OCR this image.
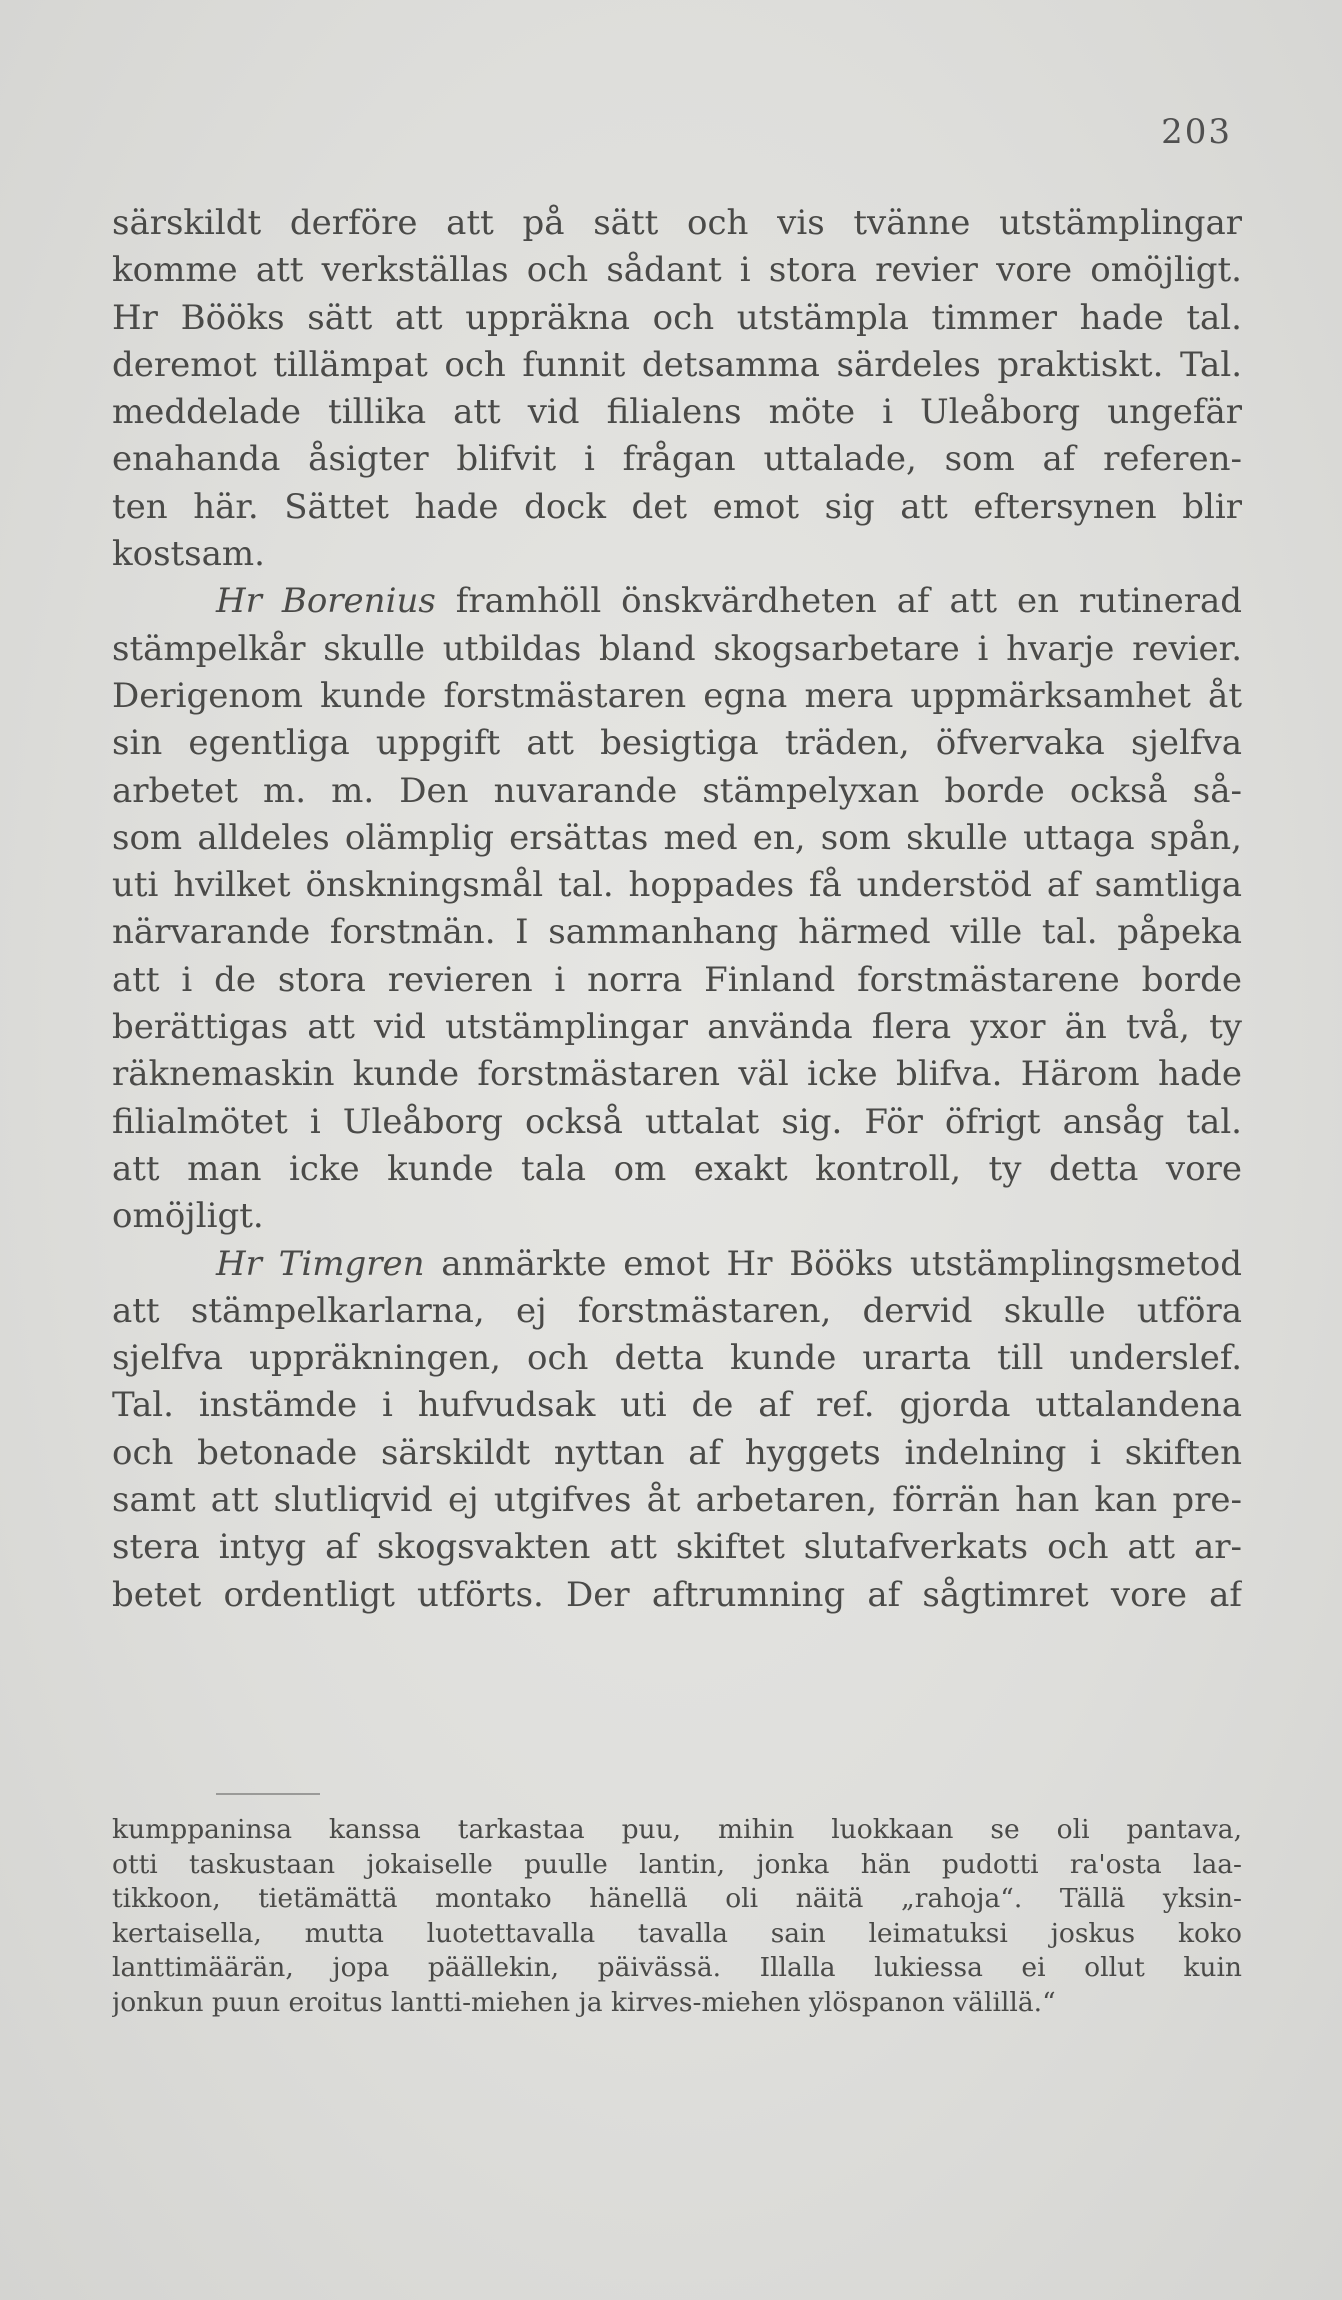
203

särskildt derföre att på sätt och vis tvänne utstämplingar
komme att verkställas och sådant i stora revier vore omöjligt.
Hr Bööks sätt att uppräkna och utstämpla timmer hade tal.
deremot tillämpat och funnit detsamma särdeles praktiskt. Tal.
meddelade tillika att vid filialens möte i Uleåborg ungefär
enahanda åsigter blifvit i frågan uttalade, som af referen-
ten här. Sättet hade dock det emot sig att eftersynen blir
kostsam.

Hr Borenius framhöll önskvärdheten af att en rutinerad
stämpelkår skulle utbildas bland skogsarbetare i hvarje revier.
Derigenom kunde forstmästaren egna mera uppmärksamhet åt
sin egentliga uppgift att besigtiga träden, öfvervaka sjelfva
arbetet m. m. Den nuvarande stämpelyxan borde också så-
som alldeles olämplig ersättas med en, som skulle uttaga spån,
uti hvilket önskningsmål tal. hoppades få understöd af samtliga
närvarande forstmän. I sammanhang härmed ville tal. påpeka
att i de stora revieren i norra Finland forstmästarene borde
berättigas att vid utstämplingar använda flera yxor än två, ty
räknemaskin kunde forstmästaren väl icke blifva. Härom hade
filialmötet i Uleåborg också uttalat sig. För öfrigt ansåg tal.
att man icke kunde tala om exakt kontroll, ty detta vore
omöjligt.

Hr Timgren anmärkte emot Hr Bööks utstämplingsmetod
att stämpelkarlarna, ej forstmästaren, dervid skulle utföra
sjelfva uppräkningen, och detta kunde urarta till underslef.
Tal. instämde i hufvudsak uti de af ref. gjorda uttalandena
och betonade särskildt nyttan af hyggets indelning i skiften
samt att slutliqvid ej utgifves åt arbetaren, förrän han kan pre-
stera intyg af skogsvakten att skiftet slutafverkats och att ar-
betet ordentligt utförts. Der aftrumning af sågtimret vore af

kumppaninsa kanssa tarkastaa puu, mihin luokkaan se oli pantava,
otti taskustaan jokaiselle puulle lantin, jonka hän pudotti ra'osta laa-
tikkoon, tietämättä montako hänellä oli näitä „rahoja“. Tällä yksin-
kertaisella, mutta luotettavalla tavalla sain leimatuksi joskus koko
lanttimäärän, jopa päällekin, päivässä. Illalla lukiessa ei ollut kuin
jonkun puun eroitus lantti-miehen ja kirves-miehen ylöspanon välillä.“
